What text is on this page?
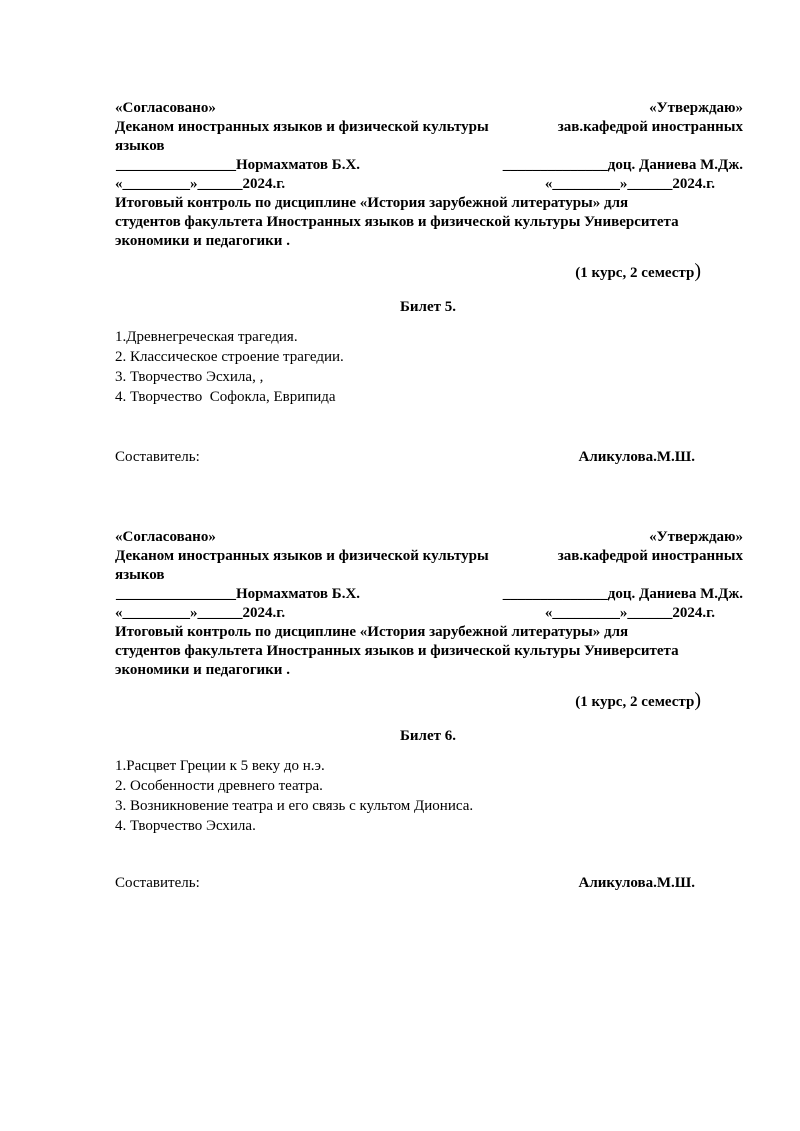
«Согласовано»	«Утверждаю»
Деканом иностранных языков и физической культуры	зав.кафедрой иностранных
языков
________________Нормахматов Б.Х.	______________доц. Даниева М.Дж.
«_________»______2024.г.	«_________»______2024.г.
Итоговый контроль по дисциплине «История зарубежной литературы» для
студентов факультета Иностранных языков и физической культуры Университета
экономики и педагогики .
(1 курс, 2 семестр)
Билет 5.
1.Древнегреческая трагедия.
2. Классическое строение трагедии.
3. Творчество Эсхила, ,
4. Творчество  Софокла, Еврипида
Составитель:	Аликулова.М.Ш.
«Согласовано»	«Утверждаю»
Деканом иностранных языков и физической культуры	зав.кафедрой иностранных
языков
________________Нормахматов Б.Х.	______________доц. Даниева М.Дж.
«_________»______2024.г.	«_________»______2024.г.
Итоговый контроль по дисциплине «История зарубежной литературы» для
студентов факультета Иностранных языков и физической культуры Университета
экономики и педагогики .
(1 курс, 2 семестр)
Билет 6.
1.Расцвет Греции к 5 веку до н.э.
2. Особенности древнего театра.
3. Возникновение театра и его связь с культом Диониса.
4. Творчество Эсхила.
Составитель:	Аликулова.М.Ш.
